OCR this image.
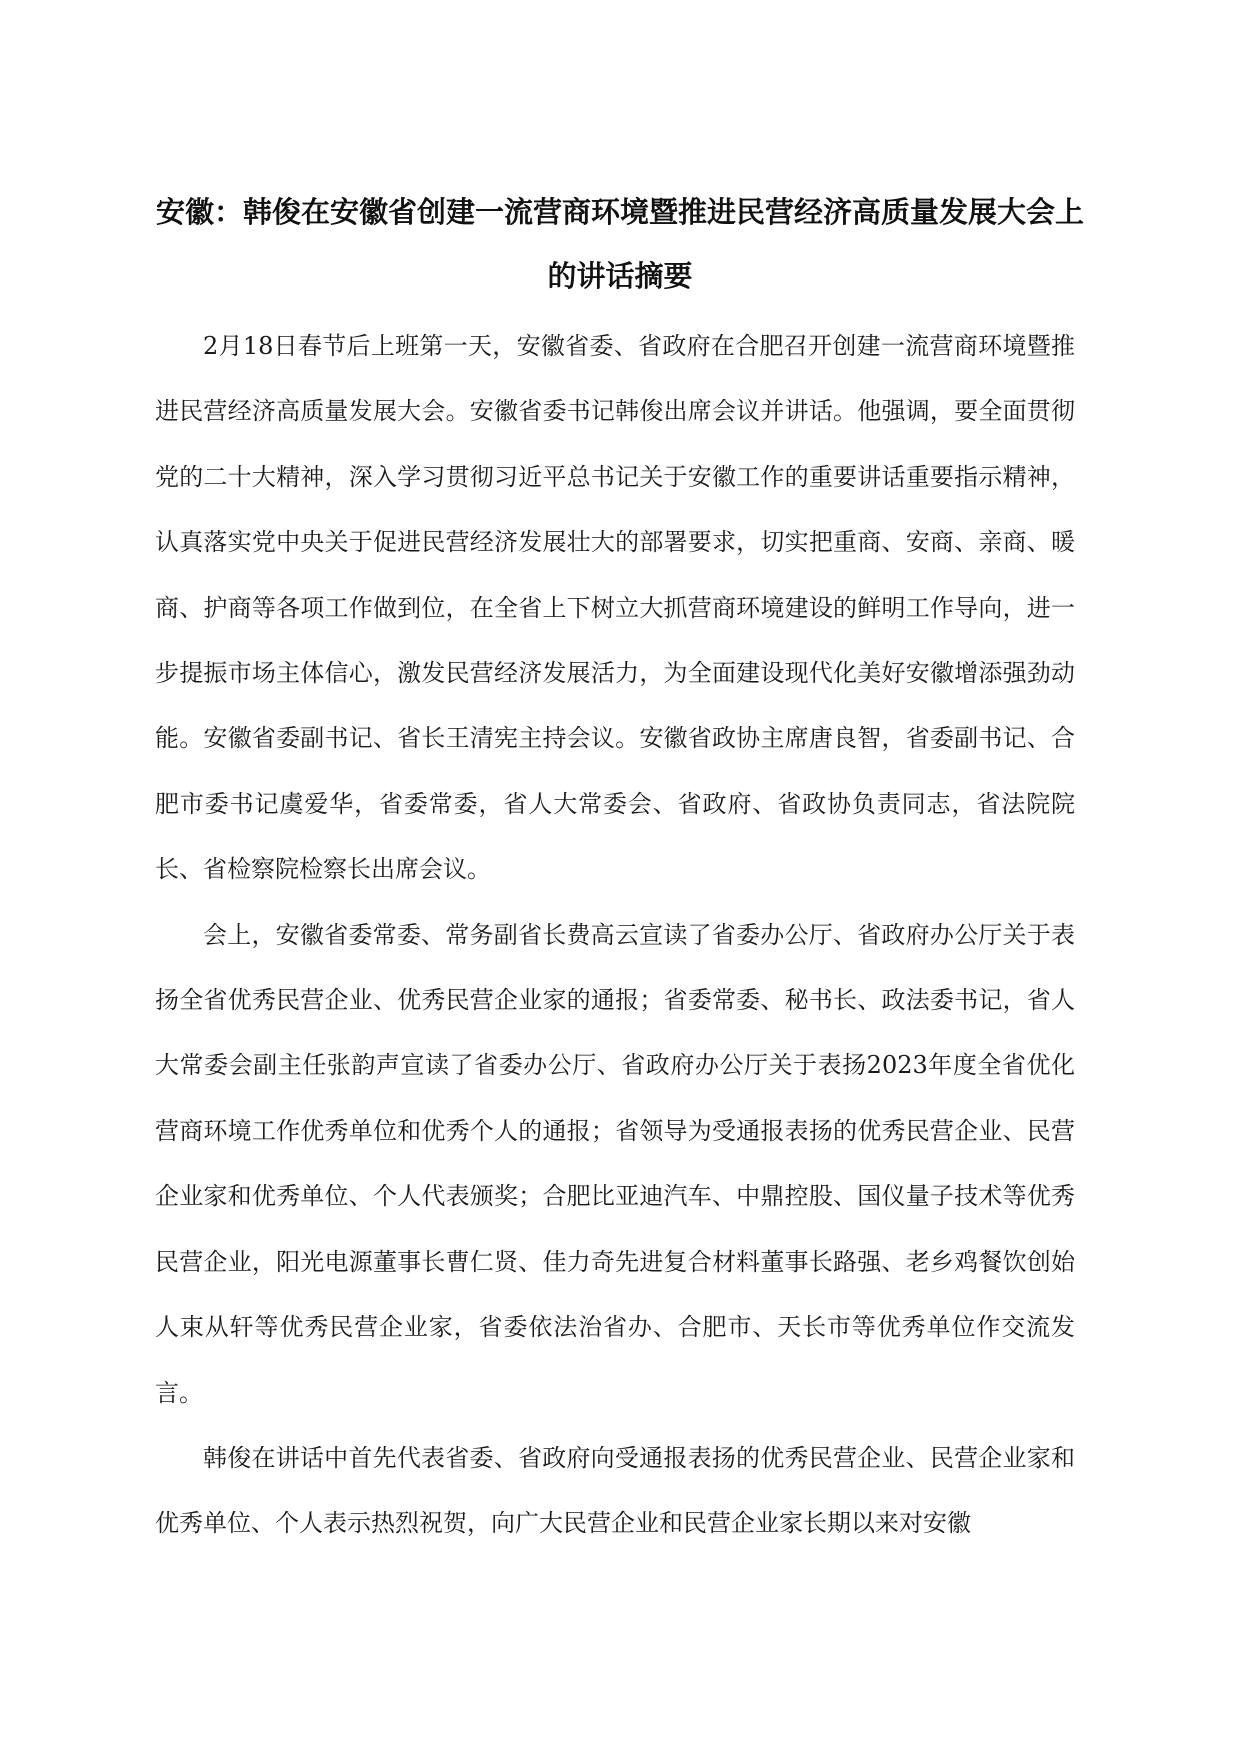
安徽：韩俊在安徽省创建一流营商环境暨推进民营经济高质量发展大会上的讲话摘要

2月18日春节后上班第一天，安徽省委、省政府在合肥召开创建一流营商环境暨推进民营经济高质量发展大会。安徽省委书记韩俊出席会议并讲话。他强调，要全面贯彻党的二十大精神，深入学习贯彻习近平总书记关于安徽工作的重要讲话重要指示精神，认真落实党中央关于促进民营经济发展壮大的部署要求，切实把重商、安商、亲商、暖商、护商等各项工作做到位，在全省上下树立大抓营商环境建设的鲜明工作导向，进一步提振市场主体信心，激发民营经济发展活力，为全面建设现代化美好安徽增添强劲动能。安徽省委副书记、省长王清宪主持会议。安徽省政协主席唐良智，省委副书记、合肥市委书记虞爱华，省委常委，省人大常委会、省政府、省政协负责同志，省法院院长、省检察院检察长出席会议。

会上，安徽省委常委、常务副省长费高云宣读了省委办公厅、省政府办公厅关于表扬全省优秀民营企业、优秀民营企业家的通报；省委常委、秘书长、政法委书记，省人大常委会副主任张韵声宣读了省委办公厅、省政府办公厅关于表扬2023年度全省优化营商环境工作优秀单位和优秀个人的通报；省领导为受通报表扬的优秀民营企业、民营企业家和优秀单位、个人代表颁奖；合肥比亚迪汽车、中鼎控股、国仪量子技术等优秀民营企业，阳光电源董事长曹仁贤、佳力奇先进复合材料董事长路强、老乡鸡餐饮创始人束从轩等优秀民营企业家，省委依法治省办、合肥市、天长市等优秀单位作交流发言。

韩俊在讲话中首先代表省委、省政府向受通报表扬的优秀民营企业、民营企业家和优秀单位、个人表示热烈祝贺，向广大民营企业和民营企业家长期以来对安徽
